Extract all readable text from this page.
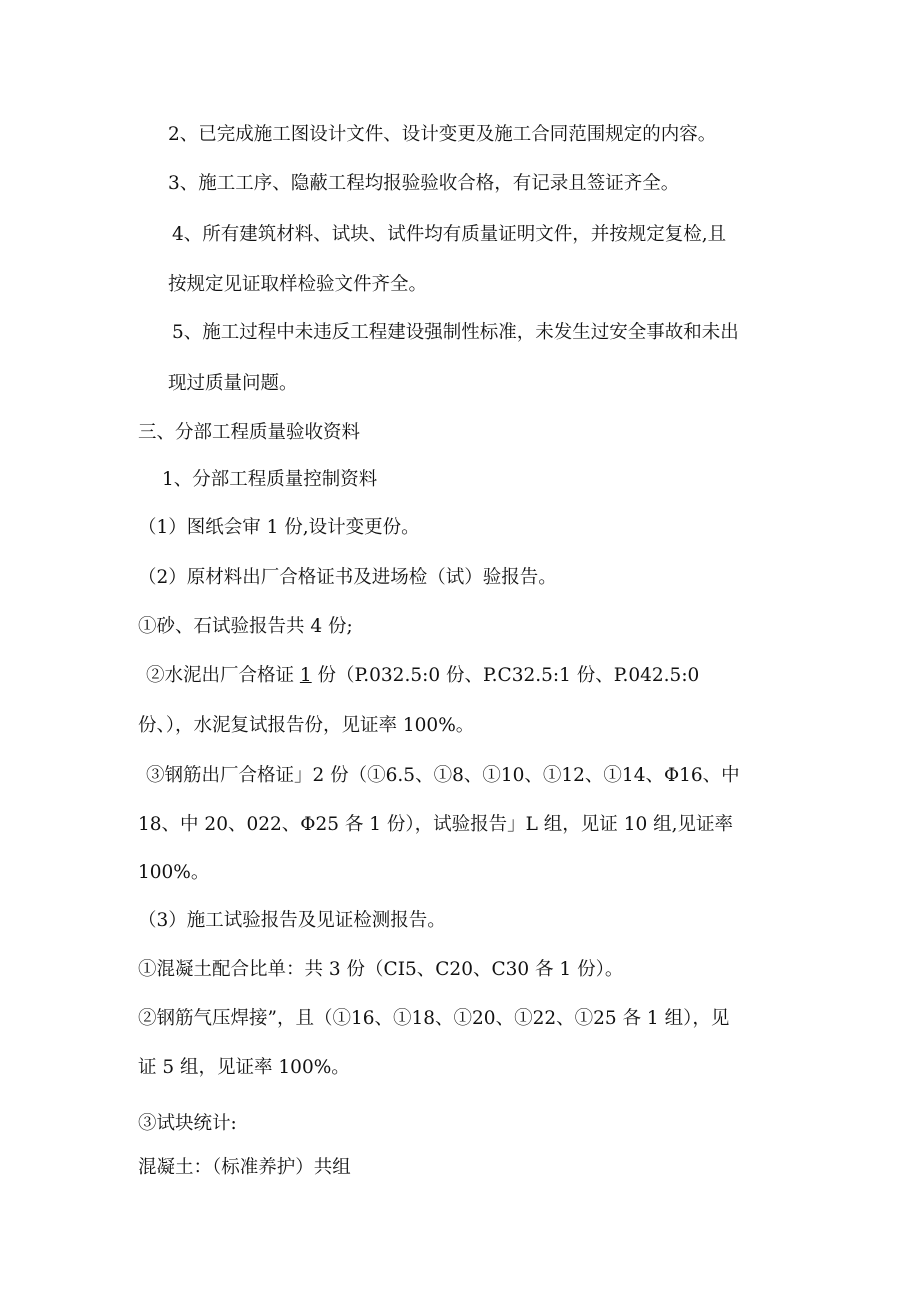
2、已完成施工图设计文件、设计变更及施工合同范围规定的内容。
3、施工工序、隐蔽工程均报验验收合格，有记录且签证齐全。
4、所有建筑材料、试块、试件均有质量证明文件，并按规定复检,且
按规定见证取样检验文件齐全。
5、施工过程中未违反工程建设强制性标准，未发生过安全事故和未出
现过质量问题。
三、分部工程质量验收资料
1、分部工程质量控制资料
（1）图纸会审 1 份,设计变更份。
（2）原材料出厂合格证书及进场检（试）验报告。
①砂、石试验报告共 4 份;
②水泥出厂合格证 1 份（P.032.5:0 份、P.C32.5:1 份、P.042.5:0
份、），水泥复试报告份，见证率 100%。
③钢筋出厂合格证」2 份（①6.5、①8、①10、①12、①14、Φ16、中
18、中 20、022、Φ25 各 1 份），试验报告」L 组，见证 10 组,见证率
100%。
（3）施工试验报告及见证检测报告。
①混凝土配合比单：共 3 份（CI5、C20、C30 各 1 份）。
②钢筋气压焊接”，且（①16、①18、①20、①22、①25 各 1 组），见
证 5 组，见证率 100%。
③试块统计:
混凝土：（标准养护）共组
